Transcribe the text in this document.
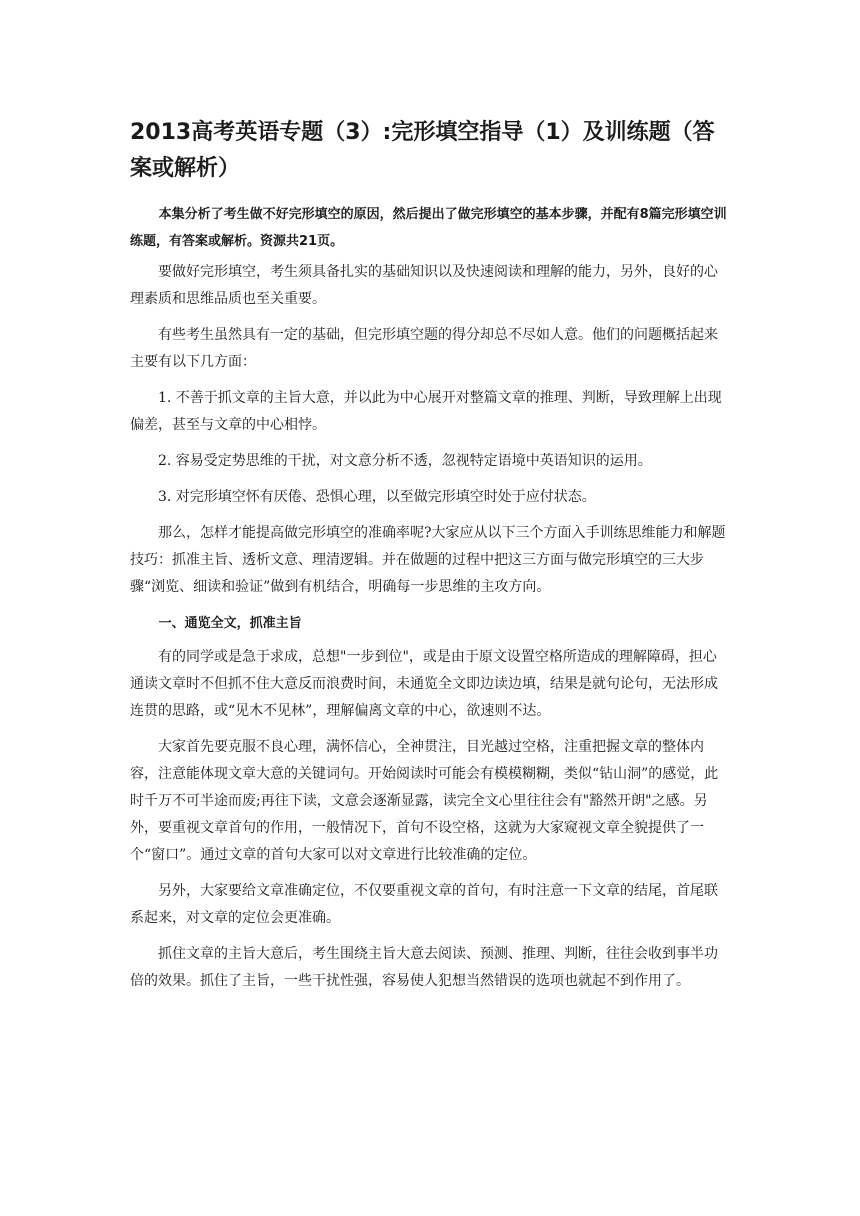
2013高考英语专题（3）:完形填空指导（1）及训练题（答案或解析）

本集分析了考生做不好完形填空的原因，然后提出了做完形填空的基本步骤，并配有8篇完形填空训练题，有答案或解析。资源共21页。

要做好完形填空，考生须具备扎实的基础知识以及快速阅读和理解的能力，另外，良好的心理素质和思维品质也至关重要。

有些考生虽然具有一定的基础，但完形填空题的得分却总不尽如人意。他们的问题概括起来主要有以下几方面：

1. 不善于抓文章的主旨大意，并以此为中心展开对整篇文章的推理、判断，导致理解上出现偏差，甚至与文章的中心相悖。

2. 容易受定势思维的干扰，对文意分析不透，忽视特定语境中英语知识的运用。

3. 对完形填空怀有厌倦、恐惧心理，以至做完形填空时处于应付状态。

那么，怎样才能提高做完形填空的准确率呢?大家应从以下三个方面入手训练思维能力和解题技巧：抓准主旨、透析文意、理清逻辑。并在做题的过程中把这三方面与做完形填空的三大步骤“浏览、细读和验证”做到有机结合，明确每一步思维的主攻方向。

一、通览全文，抓准主旨

有的同学或是急于求成，总想"一步到位"，或是由于原文设置空格所造成的理解障碍，担心通读文章时不但抓不住大意反而浪费时间，未通览全文即边读边填，结果是就句论句，无法形成连贯的思路，或“见木不见林”，理解偏离文章的中心，欲速则不达。

大家首先要克服不良心理，满怀信心，全神贯注，目光越过空格，注重把握文章的整体内容，注意能体现文章大意的关键词句。开始阅读时可能会有模模糊糊，类似“钻山洞”的感觉，此时千万不可半途而废;再往下读，文意会逐渐显露，读完全文心里往往会有"豁然开朗"之感。另外，要重视文章首句的作用，一般情况下，首句不设空格，这就为大家窥视文章全貌提供了一个“窗口”。通过文章的首句大家可以对文章进行比较准确的定位。

另外，大家要给文章准确定位，不仅要重视文章的首句，有时注意一下文章的结尾，首尾联系起来，对文章的定位会更准确。

抓住文章的主旨大意后，考生围绕主旨大意去阅读、预测、推理、判断，往往会收到事半功倍的效果。抓住了主旨，一些干扰性强，容易使人犯想当然错误的选项也就起不到作用了。
